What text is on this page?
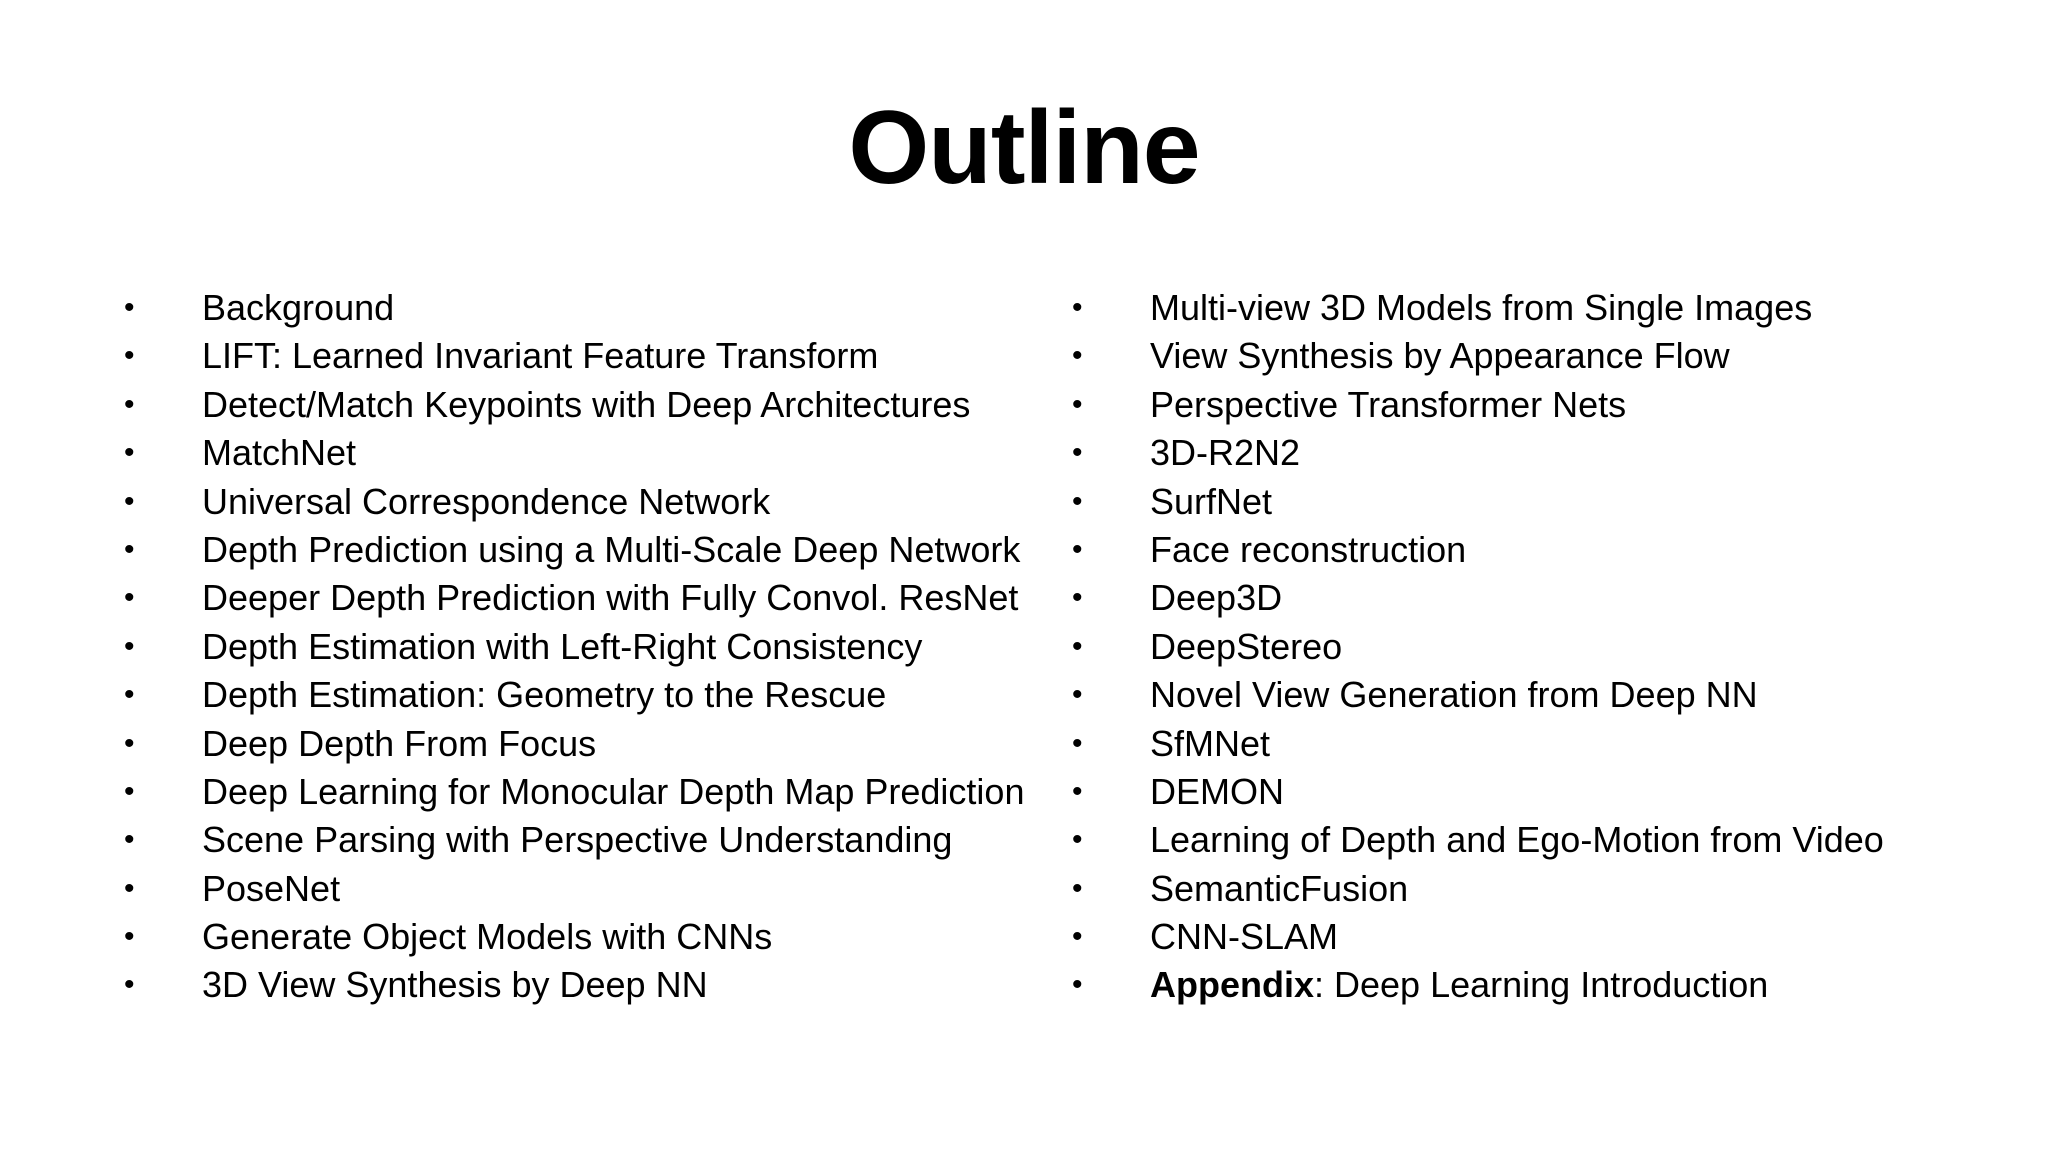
Outline
• Background
• LIFT: Learned Invariant Feature Transform
• Detect/Match Keypoints with Deep Architectures
• MatchNet
• Universal Correspondence Network
• Depth Prediction using a Multi-Scale Deep Network
• Deeper Depth Prediction with Fully Convol. ResNet
• Depth Estimation with Left-Right Consistency
• Depth Estimation: Geometry to the Rescue
• Deep Depth From Focus
• Deep Learning for Monocular Depth Map Prediction
• Scene Parsing with Perspective Understanding
• PoseNet
• Generate Object Models with CNNs
• 3D View Synthesis by Deep NN
• Multi-view 3D Models from Single Images
• View Synthesis by Appearance Flow
• Perspective Transformer Nets
• 3D-R2N2
• SurfNet
• Face reconstruction
• Deep3D
• DeepStereo
• Novel View Generation from Deep NN
• SfMNet
• DEMON
• Learning of Depth and Ego-Motion from Video
• SemanticFusion
• CNN-SLAM
• Appendix: Deep Learning Introduction
